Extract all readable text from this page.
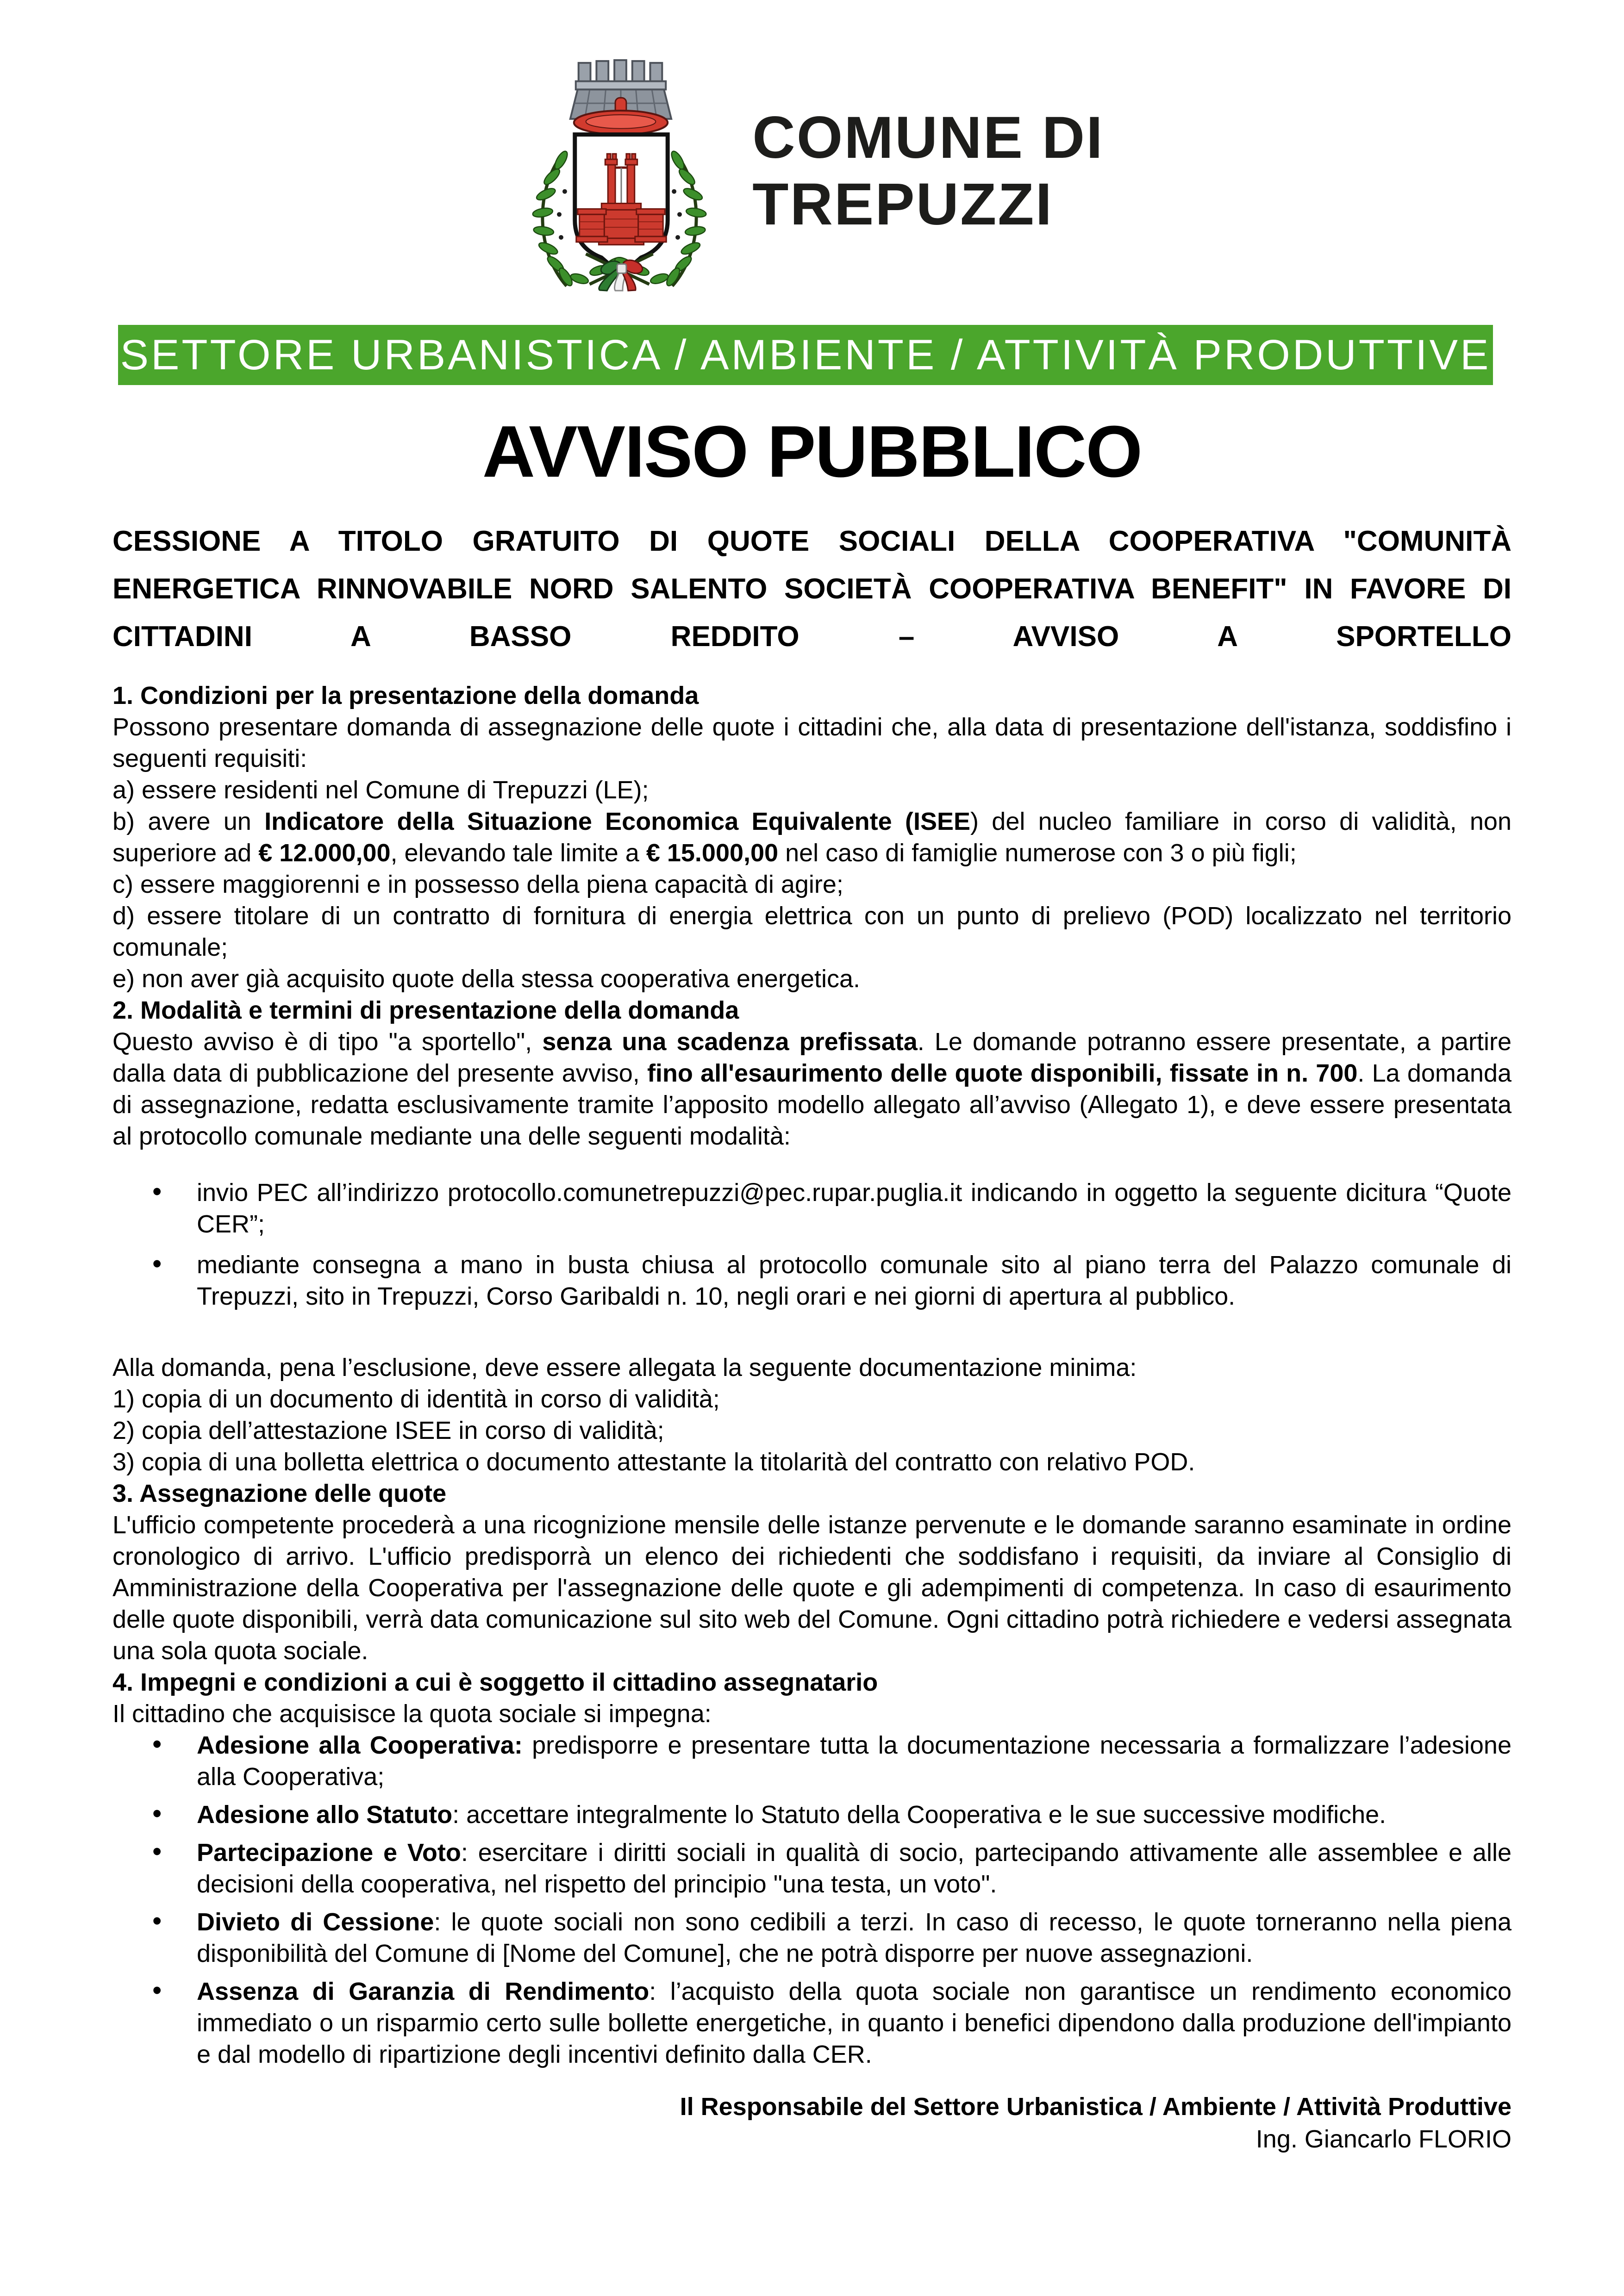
COMUNE DI
TREPUZZI
SETTORE URBANISTICA / AMBIENTE / ATTIVITÀ PRODUTTIVE
AVVISO PUBBLICO

CESSIONE A TITOLO GRATUITO DI QUOTE SOCIALI DELLA COOPERATIVA "COMUNITÀ ENERGETICA RINNOVABILE NORD SALENTO SOCIETÀ COOPERATIVA BENEFIT" IN FAVORE DI CITTADINI A BASSO REDDITO – AVVISO A SPORTELLO

1. Condizioni per la presentazione della domanda

Possono presentare domanda di assegnazione delle quote i cittadini che, alla data di presentazione dell'istanza, soddisfino i seguenti requisiti:

a) essere residenti nel Comune di Trepuzzi (LE);

b) avere un Indicatore della Situazione Economica Equivalente (ISEE) del nucleo familiare in corso di validità, non superiore ad € 12.000,00, elevando tale limite a € 15.000,00 nel caso di famiglie numerose con 3 o più figli;

c) essere maggiorenni e in possesso della piena capacità di agire;

d) essere titolare di un contratto di fornitura di energia elettrica con un punto di prelievo (POD) localizzato nel territorio comunale;

e) non aver già acquisito quote della stessa cooperativa energetica.

2. Modalità e termini di presentazione della domanda

Questo avviso è di tipo "a sportello", senza una scadenza prefissata. Le domande potranno essere presentate, a partire dalla data di pubblicazione del presente avviso, fino all'esaurimento delle quote disponibili, fissate in n. 700. La domanda di assegnazione, redatta esclusivamente tramite l’apposito modello allegato all’avviso (Allegato 1), e deve essere presentata al protocollo comunale mediante una delle seguenti modalità:

• invio PEC all’indirizzo protocollo.comunetrepuzzi@pec.rupar.puglia.it indicando in oggetto la seguente dicitura “Quote CER”;
• mediante consegna a mano in busta chiusa al protocollo comunale sito al piano terra del Palazzo comunale di Trepuzzi, sito in Trepuzzi, Corso Garibaldi n. 10, negli orari e nei giorni di apertura al pubblico.

Alla domanda, pena l’esclusione, deve essere allegata la seguente documentazione minima:

1) copia di un documento di identità in corso di validità;

2) copia dell’attestazione ISEE in corso di validità;

3) copia di una bolletta elettrica o documento attestante la titolarità del contratto con relativo POD.

3. Assegnazione delle quote

L'ufficio competente procederà a una ricognizione mensile delle istanze pervenute e le domande saranno esaminate in ordine cronologico di arrivo. L'ufficio predisporrà un elenco dei richiedenti che soddisfano i requisiti, da inviare al Consiglio di Amministrazione della Cooperativa per l'assegnazione delle quote e gli adempimenti di competenza. In caso di esaurimento delle quote disponibili, verrà data comunicazione sul sito web del Comune. Ogni cittadino potrà richiedere e vedersi assegnata una sola quota sociale.

4. Impegni e condizioni a cui è soggetto il cittadino assegnatario

Il cittadino che acquisisce la quota sociale si impegna:

• Adesione alla Cooperativa: predisporre e presentare tutta la documentazione necessaria a formalizzare l’adesione alla Cooperativa;
• Adesione allo Statuto: accettare integralmente lo Statuto della Cooperativa e le sue successive modifiche.
• Partecipazione e Voto: esercitare i diritti sociali in qualità di socio, partecipando attivamente alle assemblee e alle decisioni della cooperativa, nel rispetto del principio "una testa, un voto".
• Divieto di Cessione: le quote sociali non sono cedibili a terzi. In caso di recesso, le quote torneranno nella piena disponibilità del Comune di [Nome del Comune], che ne potrà disporre per nuove assegnazioni.
• Assenza di Garanzia di Rendimento: l’acquisto della quota sociale non garantisce un rendimento economico immediato o un risparmio certo sulle bollette energetiche, in quanto i benefici dipendono dalla produzione dell'impianto e dal modello di ripartizione degli incentivi definito dalla CER.
Il Responsabile del Settore Urbanistica / Ambiente / Attività Produttive
Ing. Giancarlo FLORIO
